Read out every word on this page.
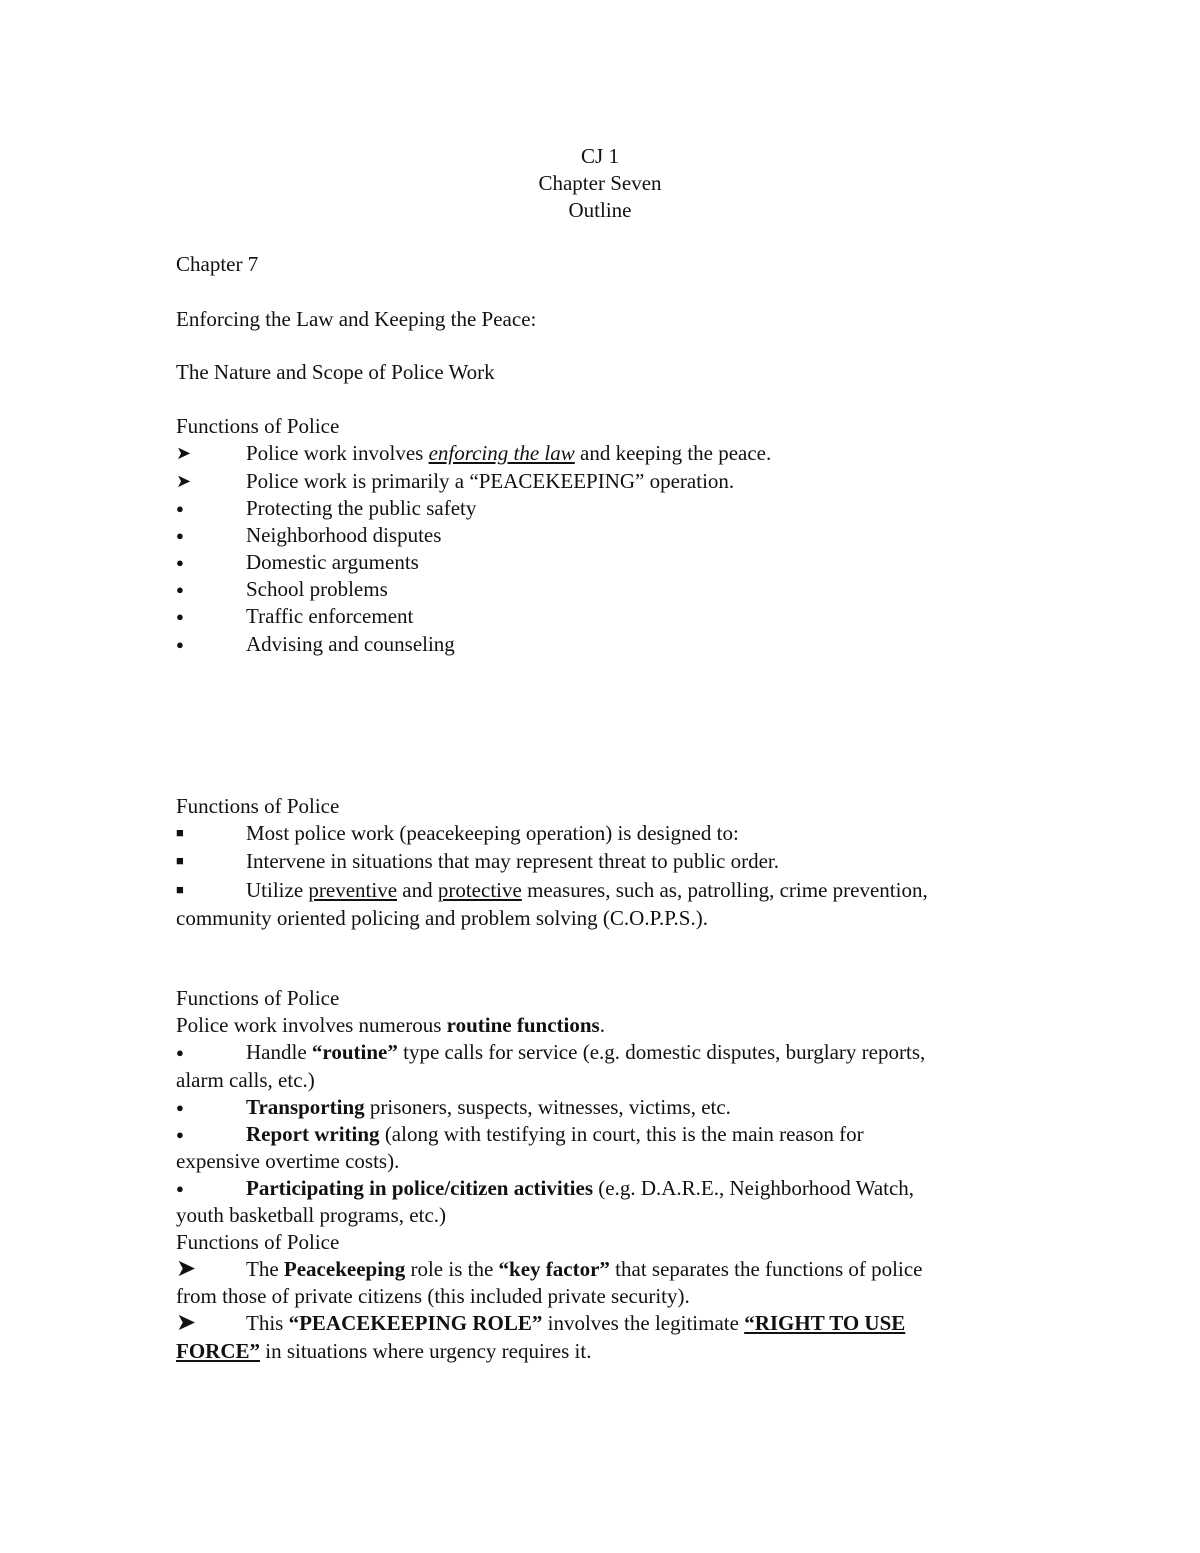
CJ 1
Chapter Seven
Outline
Chapter 7
Enforcing the Law and Keeping the Peace:
The Nature and Scope of Police Work
Functions of Police
➤	Police work involves enforcing the law and keeping the peace.
➤	Police work is primarily a “PEACEKEEPING” operation.
●	Protecting the public safety
●	Neighborhood disputes
●	Domestic arguments
●	School problems
●	Traffic enforcement
●	Advising and counseling
Functions of Police
■	Most police work (peacekeeping operation) is designed to:
■	Intervene in situations that may represent threat to public order.
■	Utilize preventive and protective measures, such as, patrolling, crime prevention,
community oriented policing and problem solving (C.O.P.P.S.).
Functions of Police
Police work involves numerous routine functions.
●	Handle “routine” type calls for service (e.g. domestic disputes, burglary reports,
alarm calls, etc.)
●	Transporting prisoners, suspects, witnesses, victims, etc.
●	Report writing (along with testifying in court, this is the main reason for
expensive overtime costs).
●	Participating in police/citizen activities (e.g. D.A.R.E., Neighborhood Watch,
youth basketball programs, etc.)
Functions of Police
➤	The Peacekeeping role is the “key factor” that separates the functions of police
from those of private citizens (this included private security).
➤	This “PEACEKEEPING ROLE” involves the legitimate “RIGHT TO USE
FORCE” in situations where urgency requires it.
